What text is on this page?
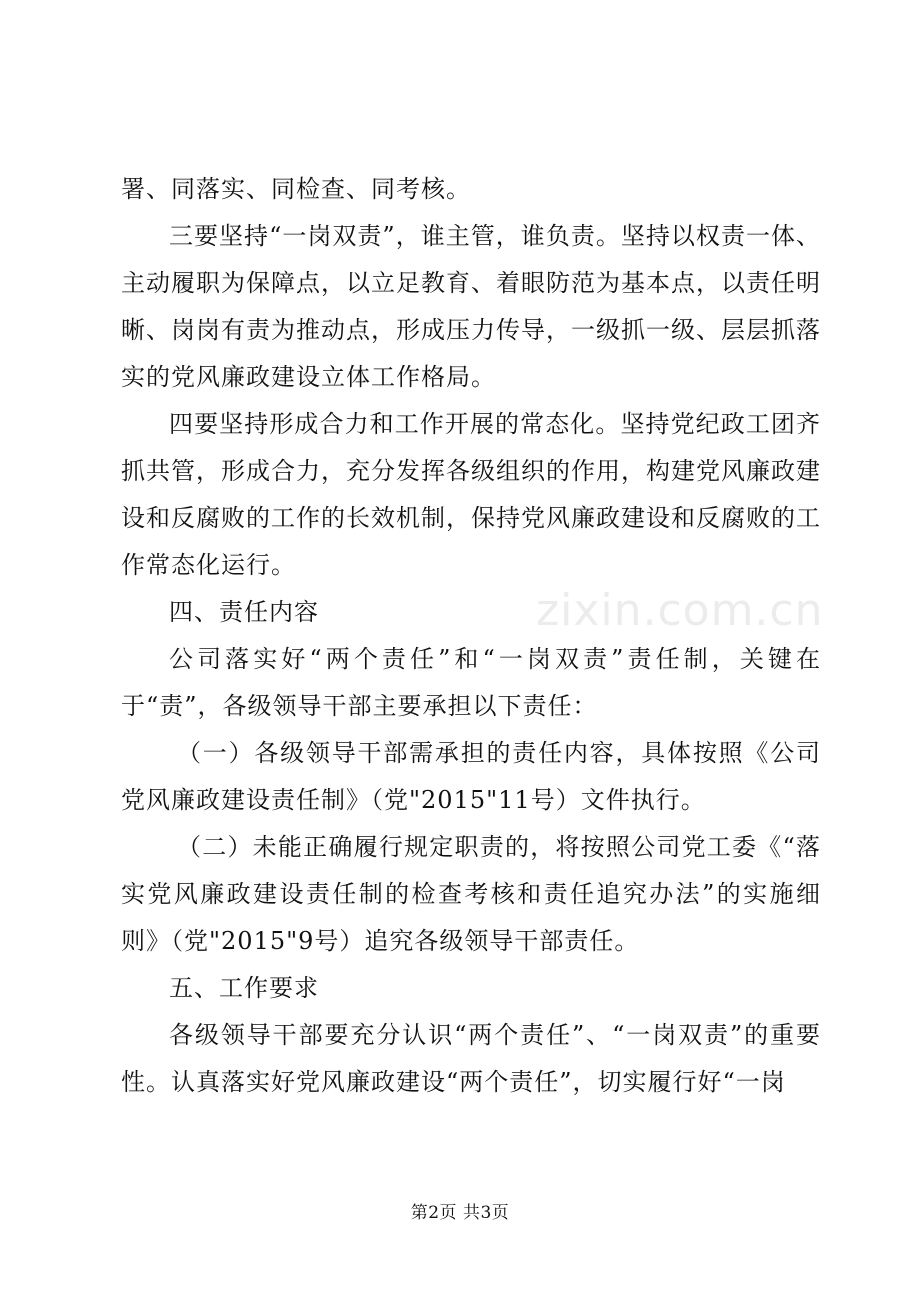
zixin.com.cn

署、同落实、同检查、同考核。

三要坚持“一岗双责”，谁主管，谁负责。坚持以权责一体、主动履职为保障点，以立足教育、着眼防范为基本点，以责任明晰、岗岗有责为推动点，形成压力传导，一级抓一级、层层抓落实的党风廉政建设立体工作格局。

四要坚持形成合力和工作开展的常态化。坚持党纪政工团齐抓共管，形成合力，充分发挥各级组织的作用，构建党风廉政建设和反腐败的工作的长效机制，保持党风廉政建设和反腐败的工作常态化运行。

四、责任内容

公司落实好“两个责任”和“一岗双责”责任制，关键在于“责”，各级领导干部主要承担以下责任：

（一）各级领导干部需承担的责任内容，具体按照《公司党风廉政建设责任制》（党"2015"11号）文件执行。

（二）未能正确履行规定职责的，将按照公司党工委《“落实党风廉政建设责任制的检查考核和责任追究办法”的实施细则》（党"2015"9号）追究各级领导干部责任。

五、工作要求

各级领导干部要充分认识“两个责任”、“一岗双责”的重要性。认真落实好党风廉政建设“两个责任”，切实履行好“一岗

第2页 共3页
